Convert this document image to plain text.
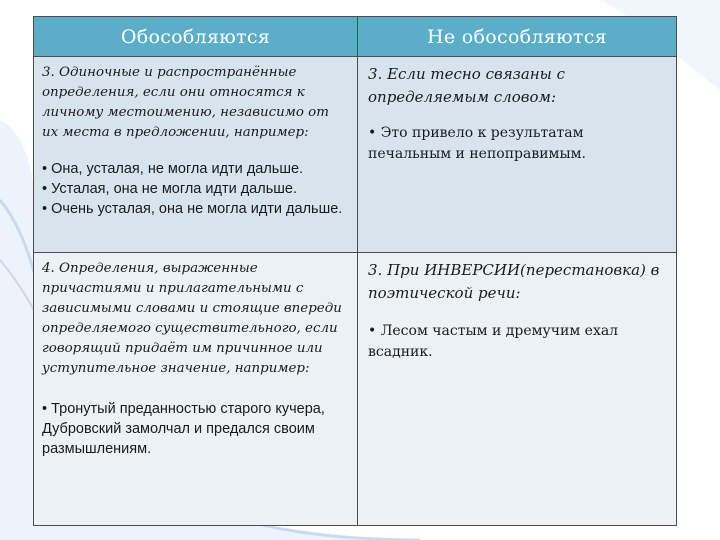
Обособляются	Не обособляются

3. Одиночные и распространённые определения, если они относятся к личному местоимению, независимо от их места в предложении, например:

• Она, усталая, не могла идти дальше.
• Усталая, она не могла идти дальше.
• Очень усталая, она не могла идти дальше.

3. Если тесно связаны с определяемым словом:

• Это привело к результатам печальным и непоправимым.

4. Определения, выраженные причастиями и прилагательными с зависимыми словами и стоящие впереди определяемого существительного, если говорящий придаёт им причинное или уступительное значение, например:

• Тронутый преданностью старого кучера, Дубровский замолчал и предался своим размышлениям.

3. При ИНВЕРСИИ(перестановка) в поэтической речи:

• Лесом частым и дремучим ехал всадник.
